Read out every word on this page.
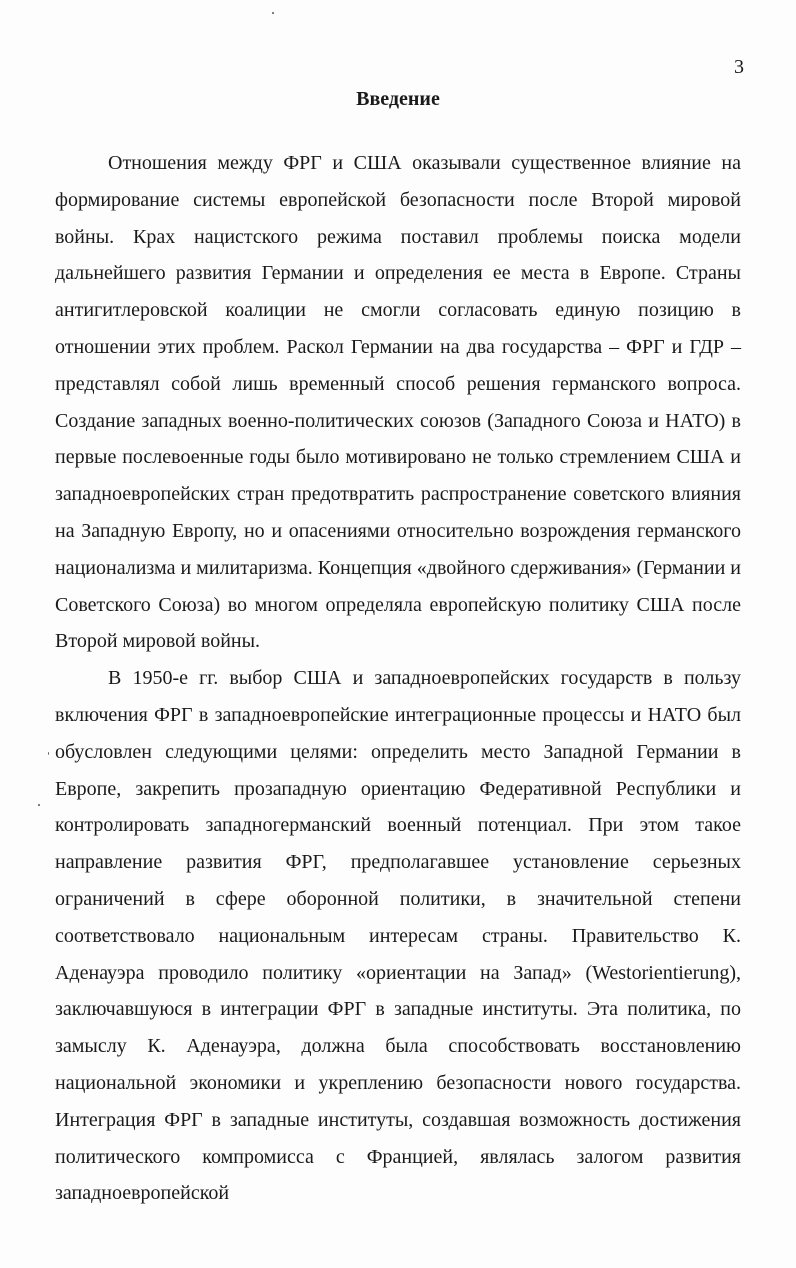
3
Введение

Отношения между ФРГ и США оказывали существенное влияние на формирование системы европейской безопасности после Второй мировой войны. Крах нацистского режима поставил проблемы поиска модели дальнейшего развития Германии и определения ее места в Европе. Страны антигитлеровской коалиции не смогли согласовать единую позицию в отношении этих проблем. Раскол Германии на два государства – ФРГ и ГДР – представлял собой лишь временный способ решения германского вопроса. Создание западных военно-политических союзов (Западного Союза и НАТО) в первые послевоенные годы было мотивировано не только стремлением США и западноевропейских стран предотвратить распространение советского влияния на Западную Европу, но и опасениями относительно возрождения германского национализма и милитаризма. Концепция «двойного сдерживания» (Германии и Советского Союза) во многом определяла европейскую политику США после Второй мировой войны.

В 1950-е гг. выбор США и западноевропейских государств в пользу включения ФРГ в западноевропейские интеграционные процессы и НАТО был обусловлен следующими целями: определить место Западной Германии в Европе, закрепить прозападную ориентацию Федеративной Республики и контролировать западногерманский военный потенциал. При этом такое направление развития ФРГ, предполагавшее установление серьезных ограничений в сфере оборонной политики, в значительной степени соответствовало национальным интересам страны. Правительство К. Аденауэра проводило политику «ориентации на Запад» (Westorientierung), заключавшуюся в интеграции ФРГ в западные институты. Эта политика, по замыслу К. Аденауэра, должна была способствовать восстановлению национальной экономики и укреплению безопасности нового государства. Интеграция ФРГ в западные институты, создавшая возможность достижения политического компромисса с Францией, являлась залогом развития западноевропейской
